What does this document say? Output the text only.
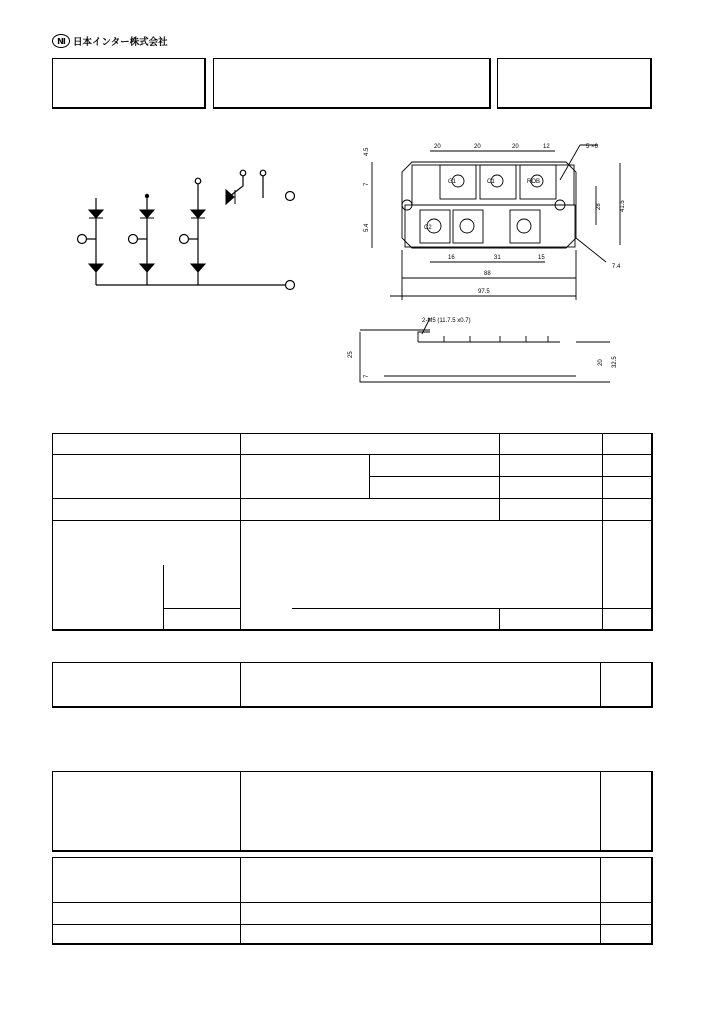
NI 日本インター株式会社
20	20	20	12	5 ×6
16	31	15
88
97.5
7.4
ROB
2-M5 (11.7.5 x0.7)
G1	C1
C2
4.5
7
5.4
28	41.5
25
7
20 32.5
